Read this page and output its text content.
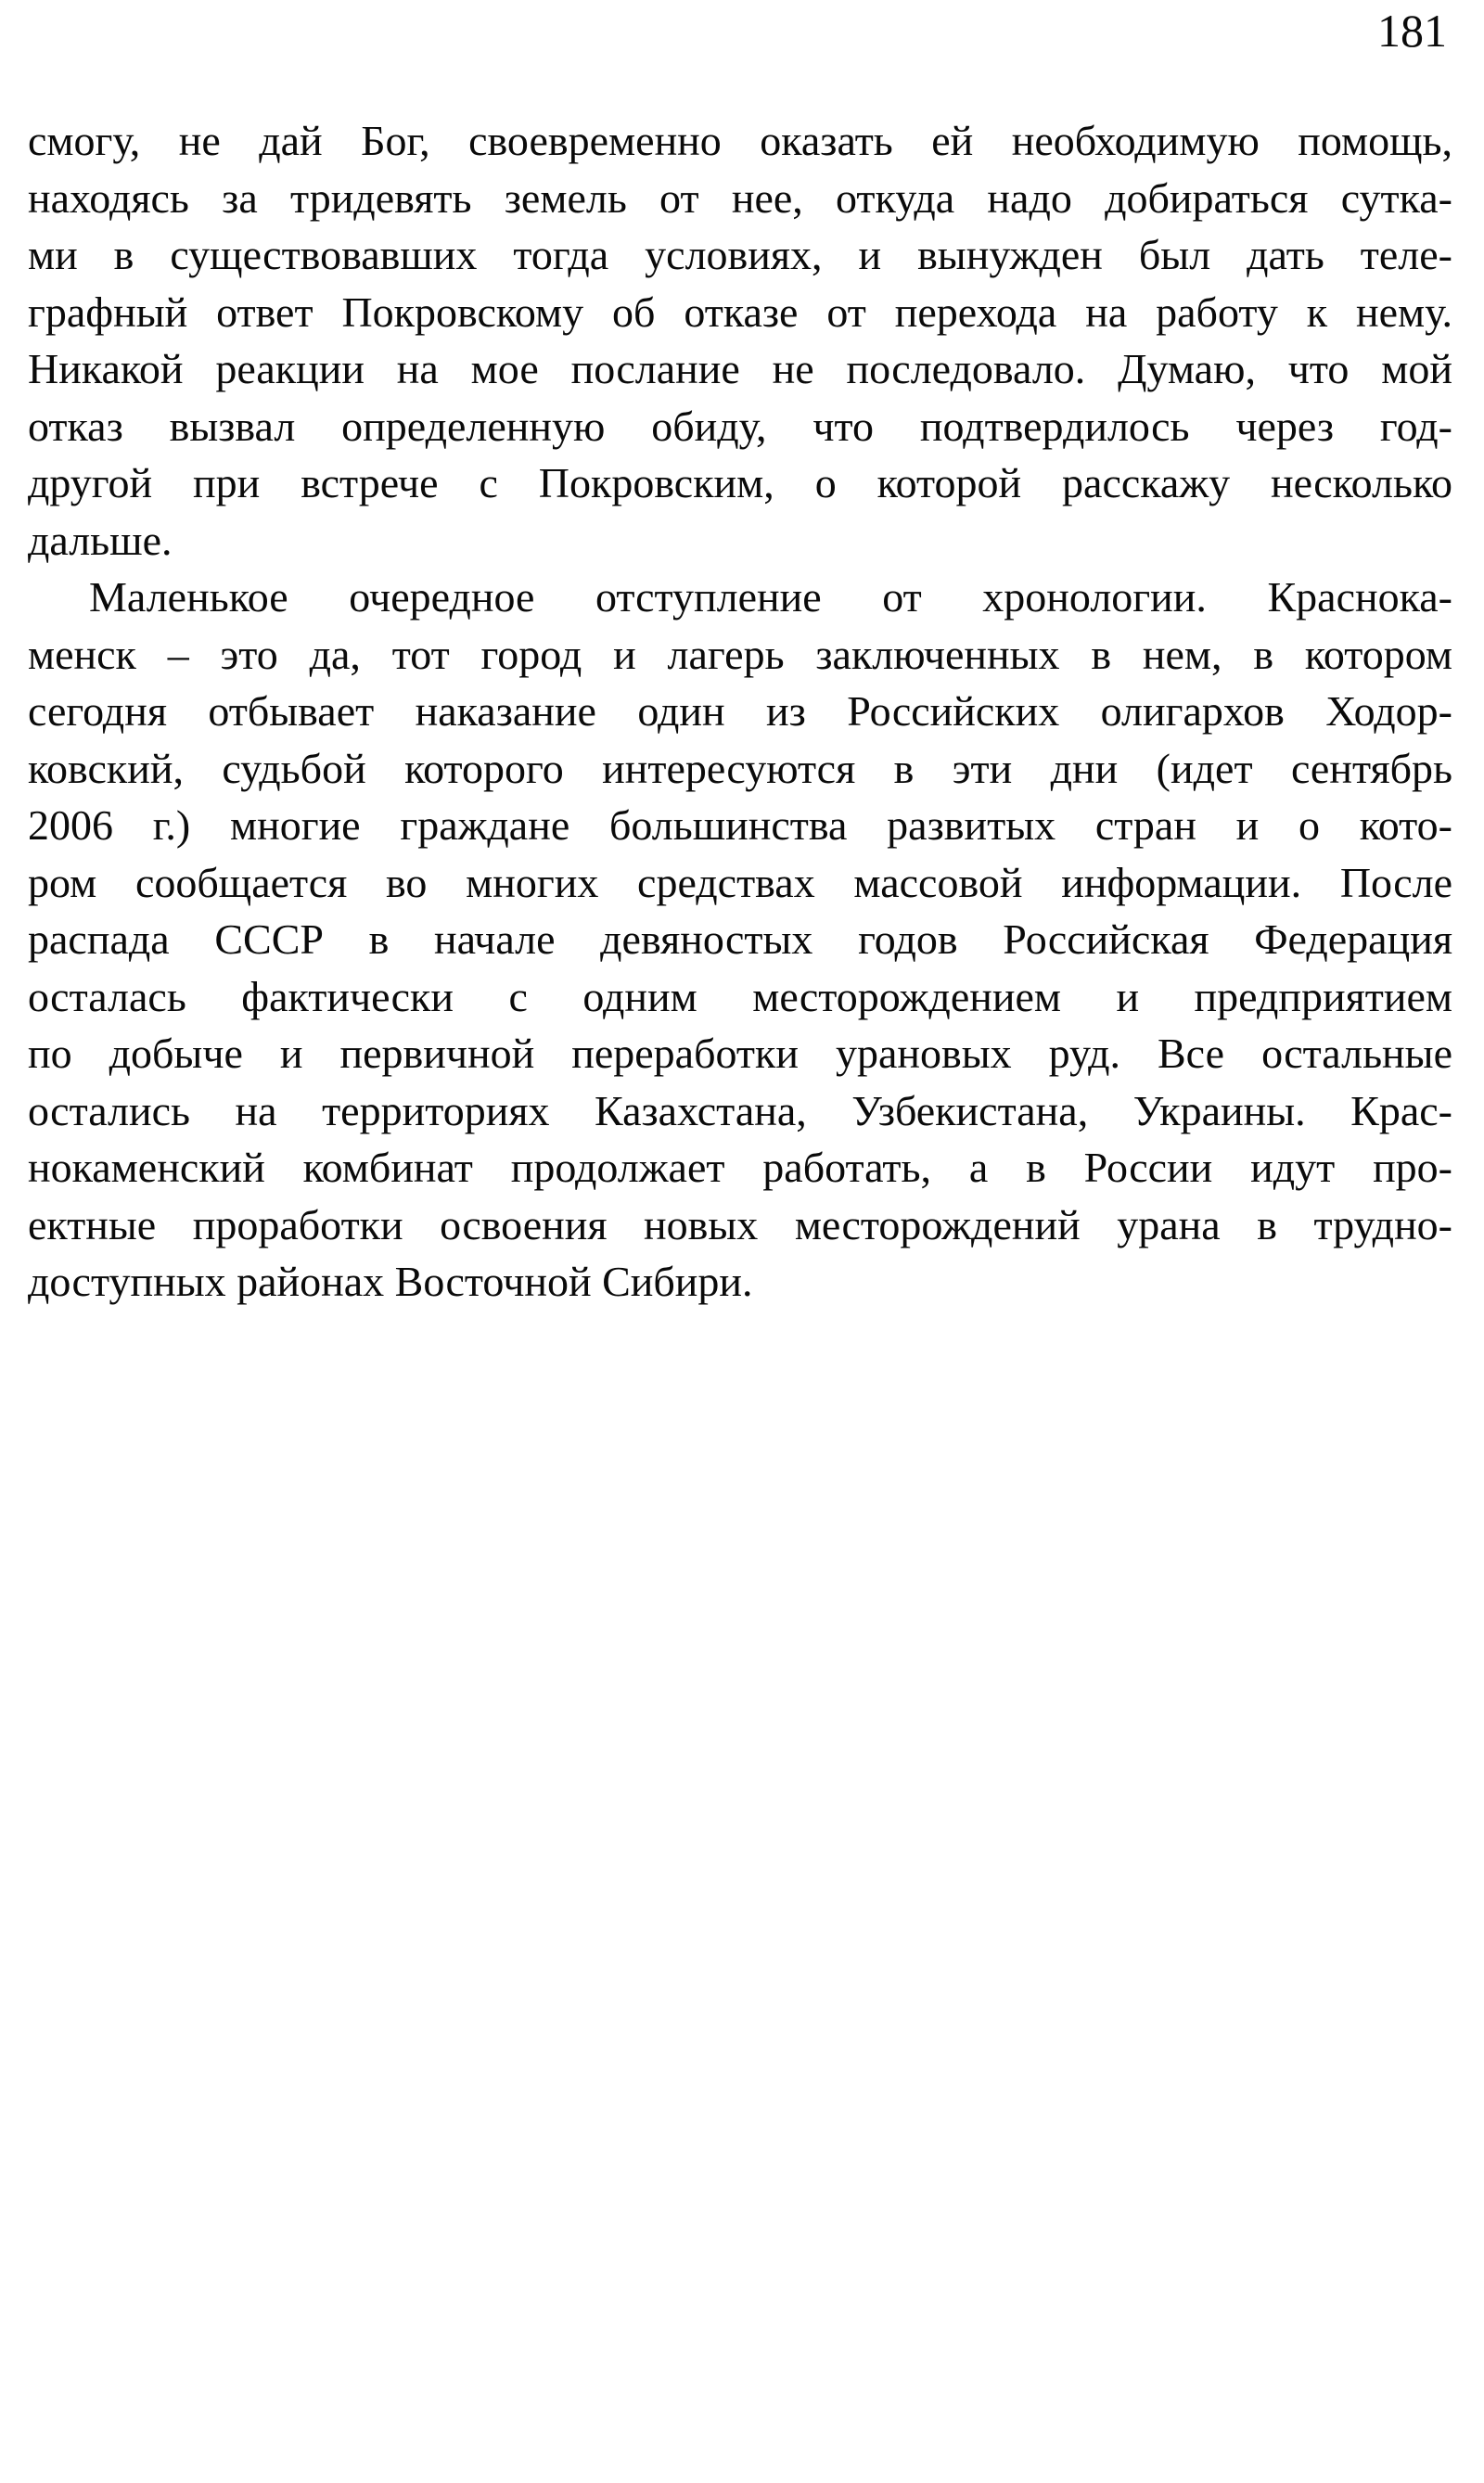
181
смогу, не дай Бог, своевременно оказать ей необходимую помощь,
находясь за тридевять земель от нее, откуда надо добираться сутка-
ми в существовавших тогда условиях, и вынужден был дать теле-
графный ответ Покровскому об отказе от перехода на работу к нему.
Никакой реакции на мое послание не последовало. Думаю, что мой
отказ вызвал определенную обиду, что подтвердилось через год-
другой при встрече с Покровским, о которой расскажу несколько
дальше.
Маленькое очередное отступление от хронологии. Краснока-
менск – это да, тот город и лагерь заключенных в нем, в котором
сегодня отбывает наказание один из Российских олигархов Ходор-
ковский, судьбой которого интересуются в эти дни (идет сентябрь
2006 г.) многие граждане большинства развитых стран и о кото-
ром сообщается во многих средствах массовой информации. После
распада СССР в начале девяностых годов Российская Федерация
осталась фактически с одним месторождением и предприятием
по добыче и первичной переработки урановых руд. Все остальные
остались на территориях Казахстана, Узбекистана, Украины. Крас-
нокаменский комбинат продолжает работать, а в России идут про-
ектные проработки освоения новых месторождений урана в трудно-
доступных районах Восточной Сибири.
